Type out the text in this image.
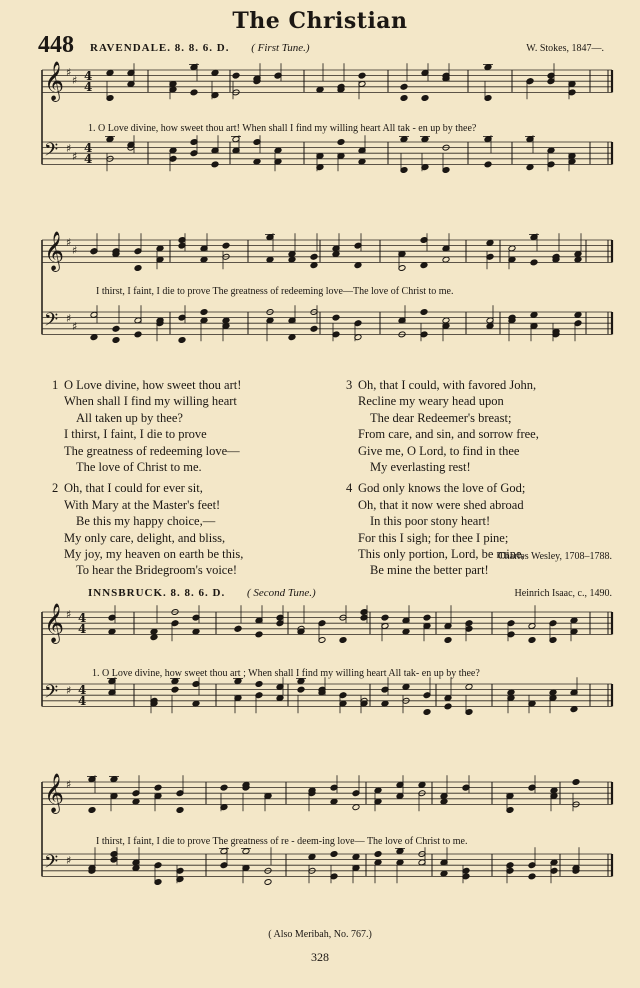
The Christian
448 RAVENDALE. 8. 8. 6. D. ( First Tune.)	W. Stokes, 1847—.
𝄞 ♯
♯ 4
4
𝄢 ♯
♯
4
4
1. O Love divine, how sweet thou art! When shall I find my willing heart All tak - en up by thee?
𝄞 ♯
♯
𝄢 ♯
♯
I thirst, I faint, I die to prove The greatness of redeeming love—The love of Christ to me.
1 O Love divine, how sweet thou art!
When shall I find my willing heart
All taken up by thee?
I thirst, I faint, I die to prove
The greatness of redeeming love—
The love of Christ to me.
2 Oh, that I could for ever sit,
With Mary at the Master's feet!
Be this my happy choice,—
My only care, delight, and bliss,
My joy, my heaven on earth be this,
To hear the Bridegroom's voice!
3 Oh, that I could, with favored John,
Recline my weary head upon
The dear Redeemer's breast;
From care, and sin, and sorrow free,
Give me, O Lord, to find in thee
My everlasting rest!
4 God only knows the love of God;
Oh, that it now were shed abroad
In this poor stony heart!
For this I sigh; for thee I pine;
This only portion, Lord, be mine,
Be mine the better part!
Charles Wesley, 1708–1788.
INNSBRUCK. 8. 8. 6. D. ( Second Tune.)	Heinrich Isaac, c., 1490.
𝄞 ♯ 4
4
𝄢 ♯ 4
4
1. O Love divine, how sweet thou art ; When shall I find my willing heart All tak- en up by thee?
𝄞 ♯
𝄢 ♯
I thirst, I faint, I die to prove The greatness of re - deem-ing love— The love of Christ to me.
( Also Meribah, No. 767.)
328
